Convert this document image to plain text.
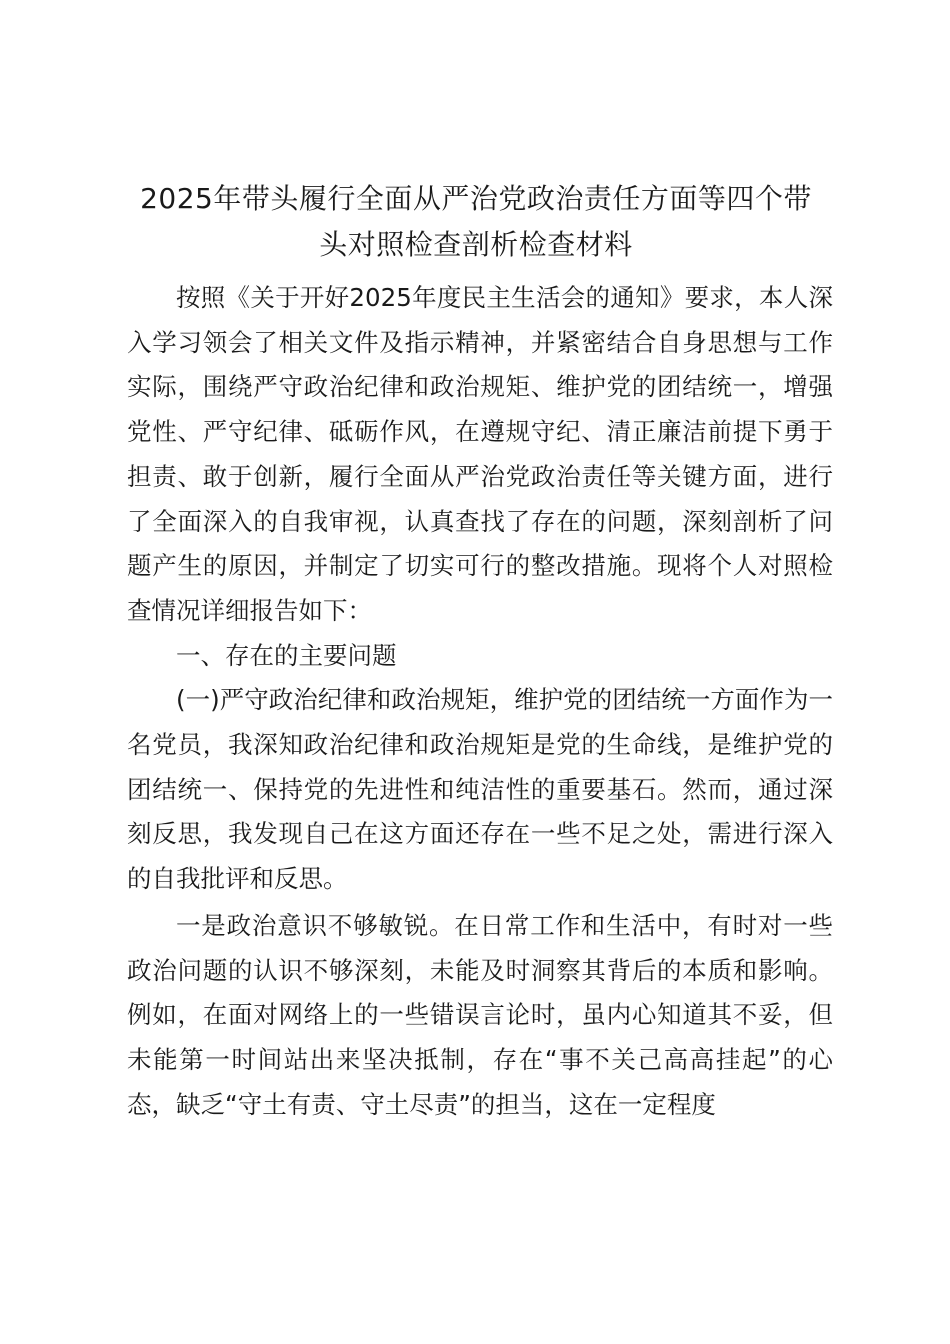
2025年带头履行全面从严治党政治责任方面等四个带
头对照检查剖析检查材料

按照《关于开好2025年度民主生活会的通知》要求，本人深入学习领会了相关文件及指示精神，并紧密结合自身思想与工作实际，围绕严守政治纪律和政治规矩、维护党的团结统一，增强党性、严守纪律、砥砺作风，在遵规守纪、清正廉洁前提下勇于担责、敢于创新，履行全面从严治党政治责任等关键方面，进行了全面深入的自我审视，认真查找了存在的问题，深刻剖析了问题产生的原因，并制定了切实可行的整改措施。现将个人对照检查情况详细报告如下：

一、存在的主要问题

(一)严守政治纪律和政治规矩，维护党的团结统一方面作为一名党员，我深知政治纪律和政治规矩是党的生命线，是维护党的团结统一、保持党的先进性和纯洁性的重要基石。然而，通过深刻反思，我发现自己在这方面还存在一些不足之处，需进行深入的自我批评和反思。

一是政治意识不够敏锐。在日常工作和生活中，有时对一些政治问题的认识不够深刻，未能及时洞察其背后的本质和影响。例如，在面对网络上的一些错误言论时，虽内心知道其不妥，但未能第一时间站出来坚决抵制，存在“事不关己高高挂起”的心态，缺乏“守土有责、守土尽责”的担当，这在一定程度
